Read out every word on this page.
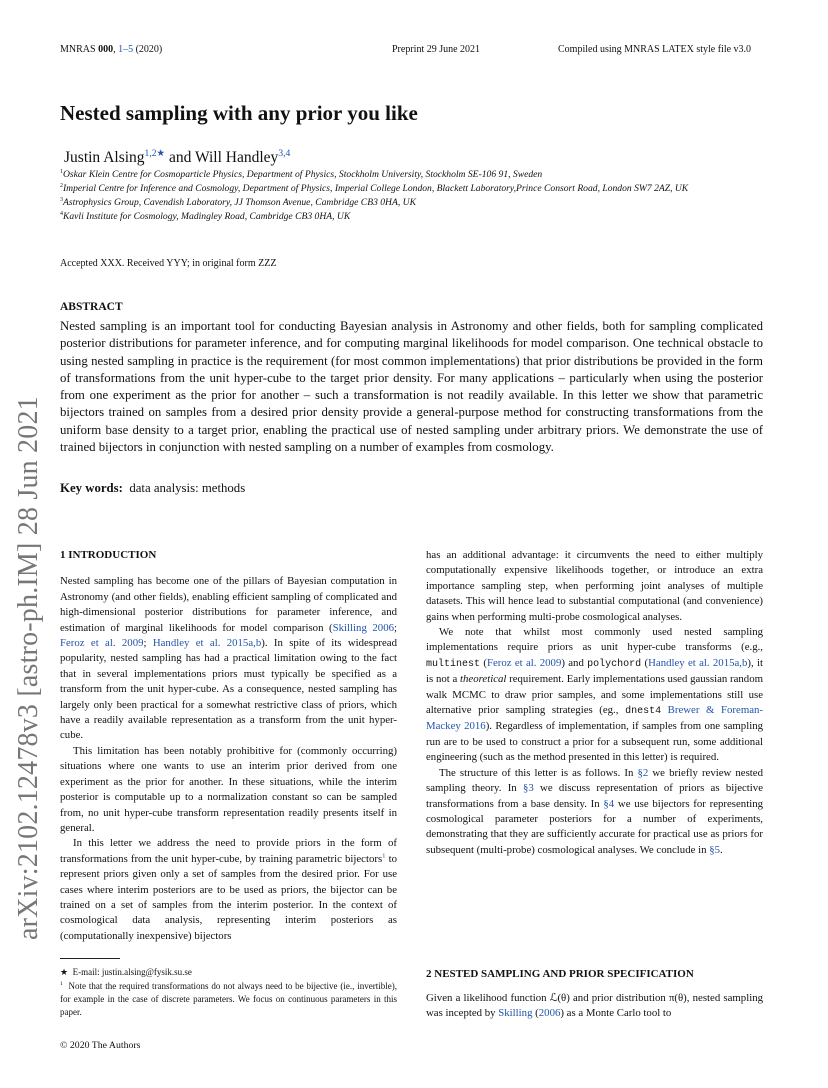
MNRAS 000, 1–5 (2020)	Preprint 29 June 2021	Compiled using MNRAS LATEX style file v3.0
arXiv:2102.12478v3 [astro-ph.IM] 28 Jun 2021
Nested sampling with any prior you like
Justin Alsing$^{1,2★}$ and Will Handley$^{3,4}$
$^1$Oskar Klein Centre for Cosmoparticle Physics, Department of Physics, Stockholm University, Stockholm SE-106 91, Sweden
$^2$Imperial Centre for Inference and Cosmology, Department of Physics, Imperial College London, Blackett Laboratory,Prince Consort Road, London SW7 2AZ, UK
$^3$Astrophysics Group, Cavendish Laboratory, JJ Thomson Avenue, Cambridge CB3 0HA, UK
$^4$Kavli Institute for Cosmology, Madingley Road, Cambridge CB3 0HA, UK
Accepted XXX. Received YYY; in original form ZZZ
ABSTRACT
Nested sampling is an important tool for conducting Bayesian analysis in Astronomy and other fields, both for sampling complicated posterior distributions for parameter inference, and for computing marginal likelihoods for model comparison. One technical obstacle to using nested sampling in practice is the requirement (for most common implementations) that prior distributions be provided in the form of transformations from the unit hyper-cube to the target prior density. For many applications – particularly when using the posterior from one experiment as the prior for another – such a transformation is not readily available. In this letter we show that parametric bijectors trained on samples from a desired prior density provide a general-purpose method for constructing transformations from the uniform base density to a target prior, enabling the practical use of nested sampling under arbitrary priors. We demonstrate the use of trained bijectors in conjunction with nested sampling on a number of examples from cosmology.
Key words: data analysis: methods
1 INTRODUCTION

Nested sampling has become one of the pillars of Bayesian computation in Astronomy (and other fields), enabling efficient sampling of complicated and high-dimensional posterior distributions for parameter inference, and estimation of marginal likelihoods for model comparison (Skilling 2006; Feroz et al. 2009; Handley et al. 2015a,b). In spite of its widespread popularity, nested sampling has had a practical limitation owing to the fact that in several implementations priors must typically be specified as a transform from the unit hyper-cube. As a consequence, nested sampling has largely only been practical for a somewhat restrictive class of priors, which have a readily available representation as a transform from the unit hyper-cube.

This limitation has been notably prohibitive for (commonly occurring) situations where one wants to use an interim prior derived from one experiment as the prior for another. In these situations, while the interim posterior is computable up to a normalization constant so can be sampled from, no unit hyper-cube transform representation readily presents itself in general.

In this letter we address the need to provide priors in the form of transformations from the unit hyper-cube, by training parametric bijectors$^1$ to represent priors given only a set of samples from the desired prior. For use cases where interim posteriors are to be used as priors, the bijector can be trained on a set of samples from the interim posterior. In the context of cosmological data analysis, representing interim posteriors as (computationally inexpensive) bijectors

has an additional advantage: it circumvents the need to either multiply computationally expensive likelihoods together, or introduce an extra importance sampling step, when performing joint analyses of multiple datasets. This will hence lead to substantial computational (and convenience) gains when performing multi-probe cosmological analyses.

We note that whilst most commonly used nested sampling implementations require priors as unit hyper-cube transforms (e.g., multinest (Feroz et al. 2009) and polychord (Handley et al. 2015a,b), it is not a theoretical requirement. Early implementations used gaussian random walk MCMC to draw prior samples, and some implementations still use alternative prior sampling strategies (eg., dnest4 Brewer & Foreman-Mackey 2016). Regardless of implementation, if samples from one sampling run are to be used to construct a prior for a subsequent run, some additional engineering (such as the method presented in this letter) is required.

The structure of this letter is as follows. In §2 we briefly review nested sampling theory. In §3 we discuss representation of priors as bijective transformations from a base density. In §4 we use bijectors for representing cosmological parameter posteriors for a number of experiments, demonstrating that they are sufficiently accurate for practical use as priors for subsequent (multi-probe) cosmological analyses. We conclude in §5.

2 NESTED SAMPLING AND PRIOR SPECIFICATION
Given a likelihood function ℒ(θ) and prior distribution π(θ), nested sampling was incepted by Skilling (2006) as a Monte Carlo tool to
★ E-mail: justin.alsing@fysik.su.se
$^1$ Note that the required transformations do not always need to be bijective (ie., invertible), for example in the case of discrete parameters. We focus on continuous parameters in this paper.
© 2020 The Authors
